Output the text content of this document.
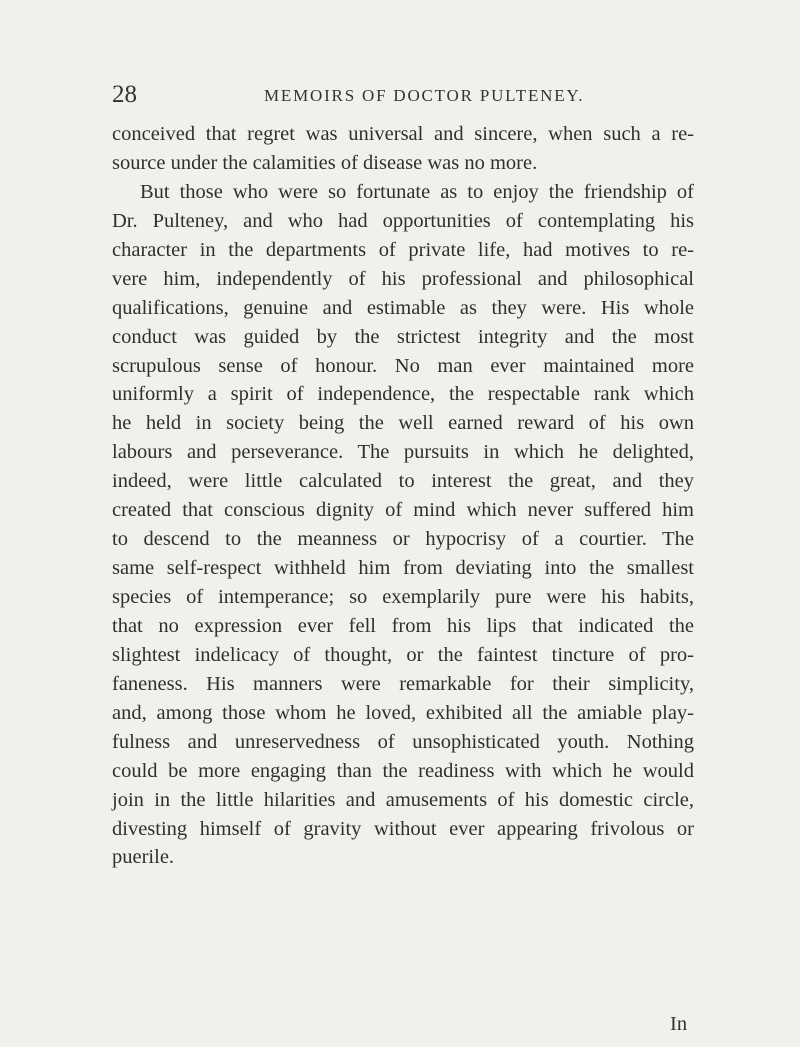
28	MEMOIRS OF DOCTOR PULTENEY.
conceived that regret was universal and sincere, when such a re-
source under the calamities of disease was no more.
But those who were so fortunate as to enjoy the friendship of
Dr. Pulteney, and who had opportunities of contemplating his
character in the departments of private life, had motives to re-
vere him, independently of his professional and philosophical
qualifications, genuine and estimable as they were. His whole
conduct was guided by the strictest integrity and the most
scrupulous sense of honour. No man ever maintained more
uniformly a spirit of independence, the respectable rank which
he held in society being the well earned reward of his own
labours and perseverance. The pursuits in which he delighted,
indeed, were little calculated to interest the great, and they
created that conscious dignity of mind which never suffered him
to descend to the meanness or hypocrisy of a courtier. The
same self-respect withheld him from deviating into the smallest
species of intemperance; so exemplarily pure were his habits,
that no expression ever fell from his lips that indicated the
slightest indelicacy of thought, or the faintest tincture of pro-
faneness. His manners were remarkable for their simplicity,
and, among those whom he loved, exhibited all the amiable play-
fulness and unreservedness of unsophisticated youth. Nothing
could be more engaging than the readiness with which he would
join in the little hilarities and amusements of his domestic circle,
divesting himself of gravity without ever appearing frivolous or
puerile.
In
